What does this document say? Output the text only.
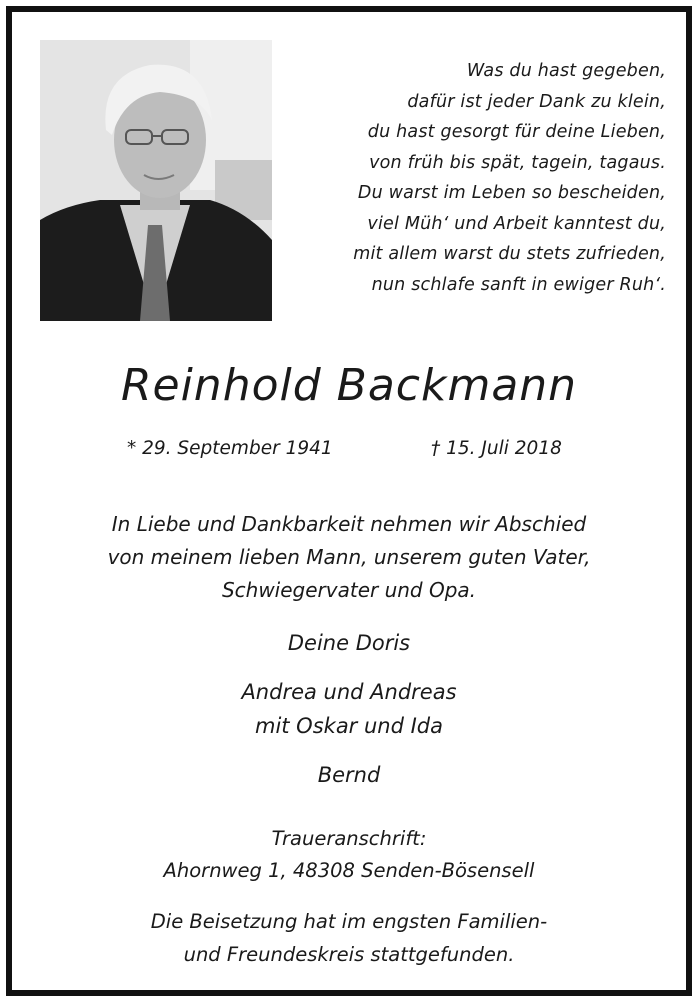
Was du hast gegeben,
dafür ist jeder Dank zu klein,
du hast gesorgt für deine Lieben,
von früh bis spät, tagein, tagaus.
Du warst im Leben so bescheiden,
viel Müh‘ und Arbeit kanntest du,
mit allem warst du stets zufrieden,
nun schlafe sanft in ewiger Ruh‘.
Reinhold Backmann
* 29. September 1941	† 15. Juli 2018
In Liebe und Dankbarkeit nehmen wir Abschied
von meinem lieben Mann, unserem guten Vater,
Schwiegervater und Opa.
Deine Doris
Andrea und Andreas
mit Oskar und Ida
Bernd
Traueranschrift:
Ahornweg 1, 48308 Senden-Bösensell
Die Beisetzung hat im engsten Familien-
und Freundeskreis stattgefunden.
